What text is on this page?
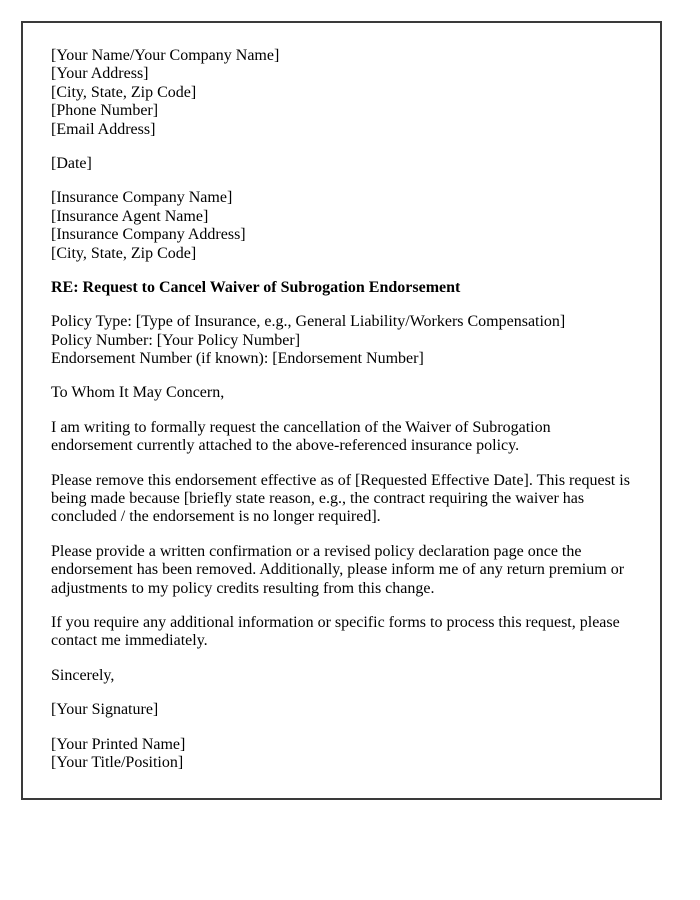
[Your Name/Your Company Name]
[Your Address]
[City, State, Zip Code]
[Phone Number]
[Email Address]

[Date]

[Insurance Company Name]
[Insurance Agent Name]
[Insurance Company Address]
[City, State, Zip Code]

RE: Request to Cancel Waiver of Subrogation Endorsement

Policy Type: [Type of Insurance, e.g., General Liability/Workers Compensation]
Policy Number: [Your Policy Number]
Endorsement Number (if known): [Endorsement Number]

To Whom It May Concern,

I am writing to formally request the cancellation of the Waiver of Subrogation endorsement currently attached to the above-referenced insurance policy.

Please remove this endorsement effective as of [Requested Effective Date]. This request is being made because [briefly state reason, e.g., the contract requiring the waiver has concluded / the endorsement is no longer required].

Please provide a written confirmation or a revised policy declaration page once the endorsement has been removed. Additionally, please inform me of any return premium or adjustments to my policy credits resulting from this change.

If you require any additional information or specific forms to process this request, please contact me immediately.

Sincerely,

[Your Signature]

[Your Printed Name]
[Your Title/Position]
